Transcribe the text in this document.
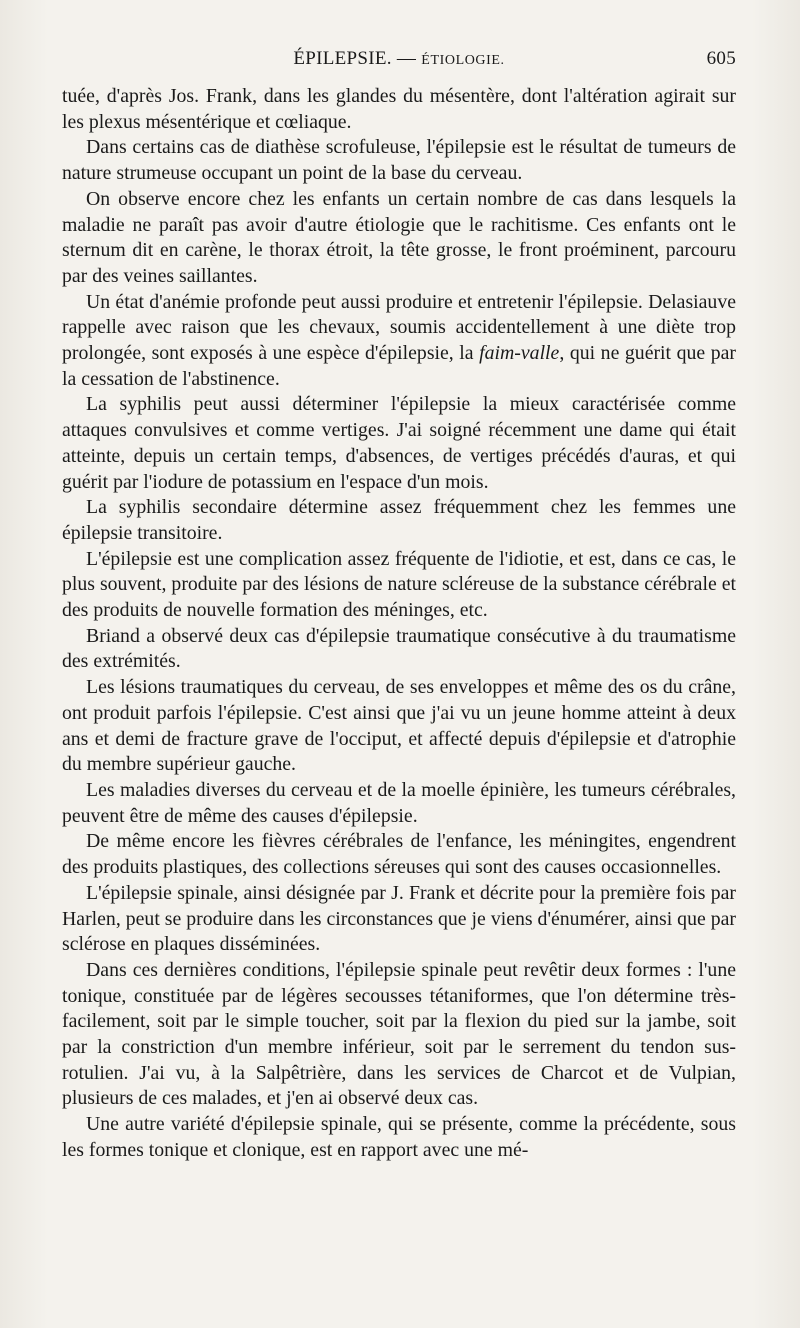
ÉPILEPSIE. — ÉTIOLOGIE.	605

tuée, d'après Jos. Frank, dans les glandes du mésentère, dont l'altération agirait sur les plexus mésentérique et cœliaque.

Dans certains cas de diathèse scrofuleuse, l'épilepsie est le résultat de tumeurs de nature strumeuse occupant un point de la base du cerveau.

On observe encore chez les enfants un certain nombre de cas dans lesquels la maladie ne paraît pas avoir d'autre étiologie que le rachitisme. Ces enfants ont le sternum dit en carène, le thorax étroit, la tête grosse, le front proéminent, parcouru par des veines saillantes.

Un état d'anémie profonde peut aussi produire et entretenir l'épilepsie. Delasiauve rappelle avec raison que les chevaux, soumis accidentellement à une diète trop prolongée, sont exposés à une espèce d'épilepsie, la faim-valle, qui ne guérit que par la cessation de l'abstinence.

La syphilis peut aussi déterminer l'épilepsie la mieux caractérisée comme attaques convulsives et comme vertiges. J'ai soigné récemment une dame qui était atteinte, depuis un certain temps, d'absences, de vertiges précédés d'auras, et qui guérit par l'iodure de potassium en l'espace d'un mois.

La syphilis secondaire détermine assez fréquemment chez les femmes une épilepsie transitoire.

L'épilepsie est une complication assez fréquente de l'idiotie, et est, dans ce cas, le plus souvent, produite par des lésions de nature scléreuse de la substance cérébrale et des produits de nouvelle formation des méninges, etc.

Briand a observé deux cas d'épilepsie traumatique consécutive à du traumatisme des extrémités.

Les lésions traumatiques du cerveau, de ses enveloppes et même des os du crâne, ont produit parfois l'épilepsie. C'est ainsi que j'ai vu un jeune homme atteint à deux ans et demi de fracture grave de l'occiput, et affecté depuis d'épilepsie et d'atrophie du membre supérieur gauche.

Les maladies diverses du cerveau et de la moelle épinière, les tumeurs cérébrales, peuvent être de même des causes d'épilepsie.

De même encore les fièvres cérébrales de l'enfance, les méningites, engendrent des produits plastiques, des collections séreuses qui sont des causes occasionnelles.

L'épilepsie spinale, ainsi désignée par J. Frank et décrite pour la première fois par Harlen, peut se produire dans les circonstances que je viens d'énumérer, ainsi que par sclérose en plaques disséminées.

Dans ces dernières conditions, l'épilepsie spinale peut revêtir deux formes : l'une tonique, constituée par de légères secousses tétaniformes, que l'on détermine très-facilement, soit par le simple toucher, soit par la flexion du pied sur la jambe, soit par la constriction d'un membre inférieur, soit par le serrement du tendon sus-rotulien. J'ai vu, à la Salpêtrière, dans les services de Charcot et de Vulpian, plusieurs de ces malades, et j'en ai observé deux cas.

Une autre variété d'épilepsie spinale, qui se présente, comme la précédente, sous les formes tonique et clonique, est en rapport avec une mé-
